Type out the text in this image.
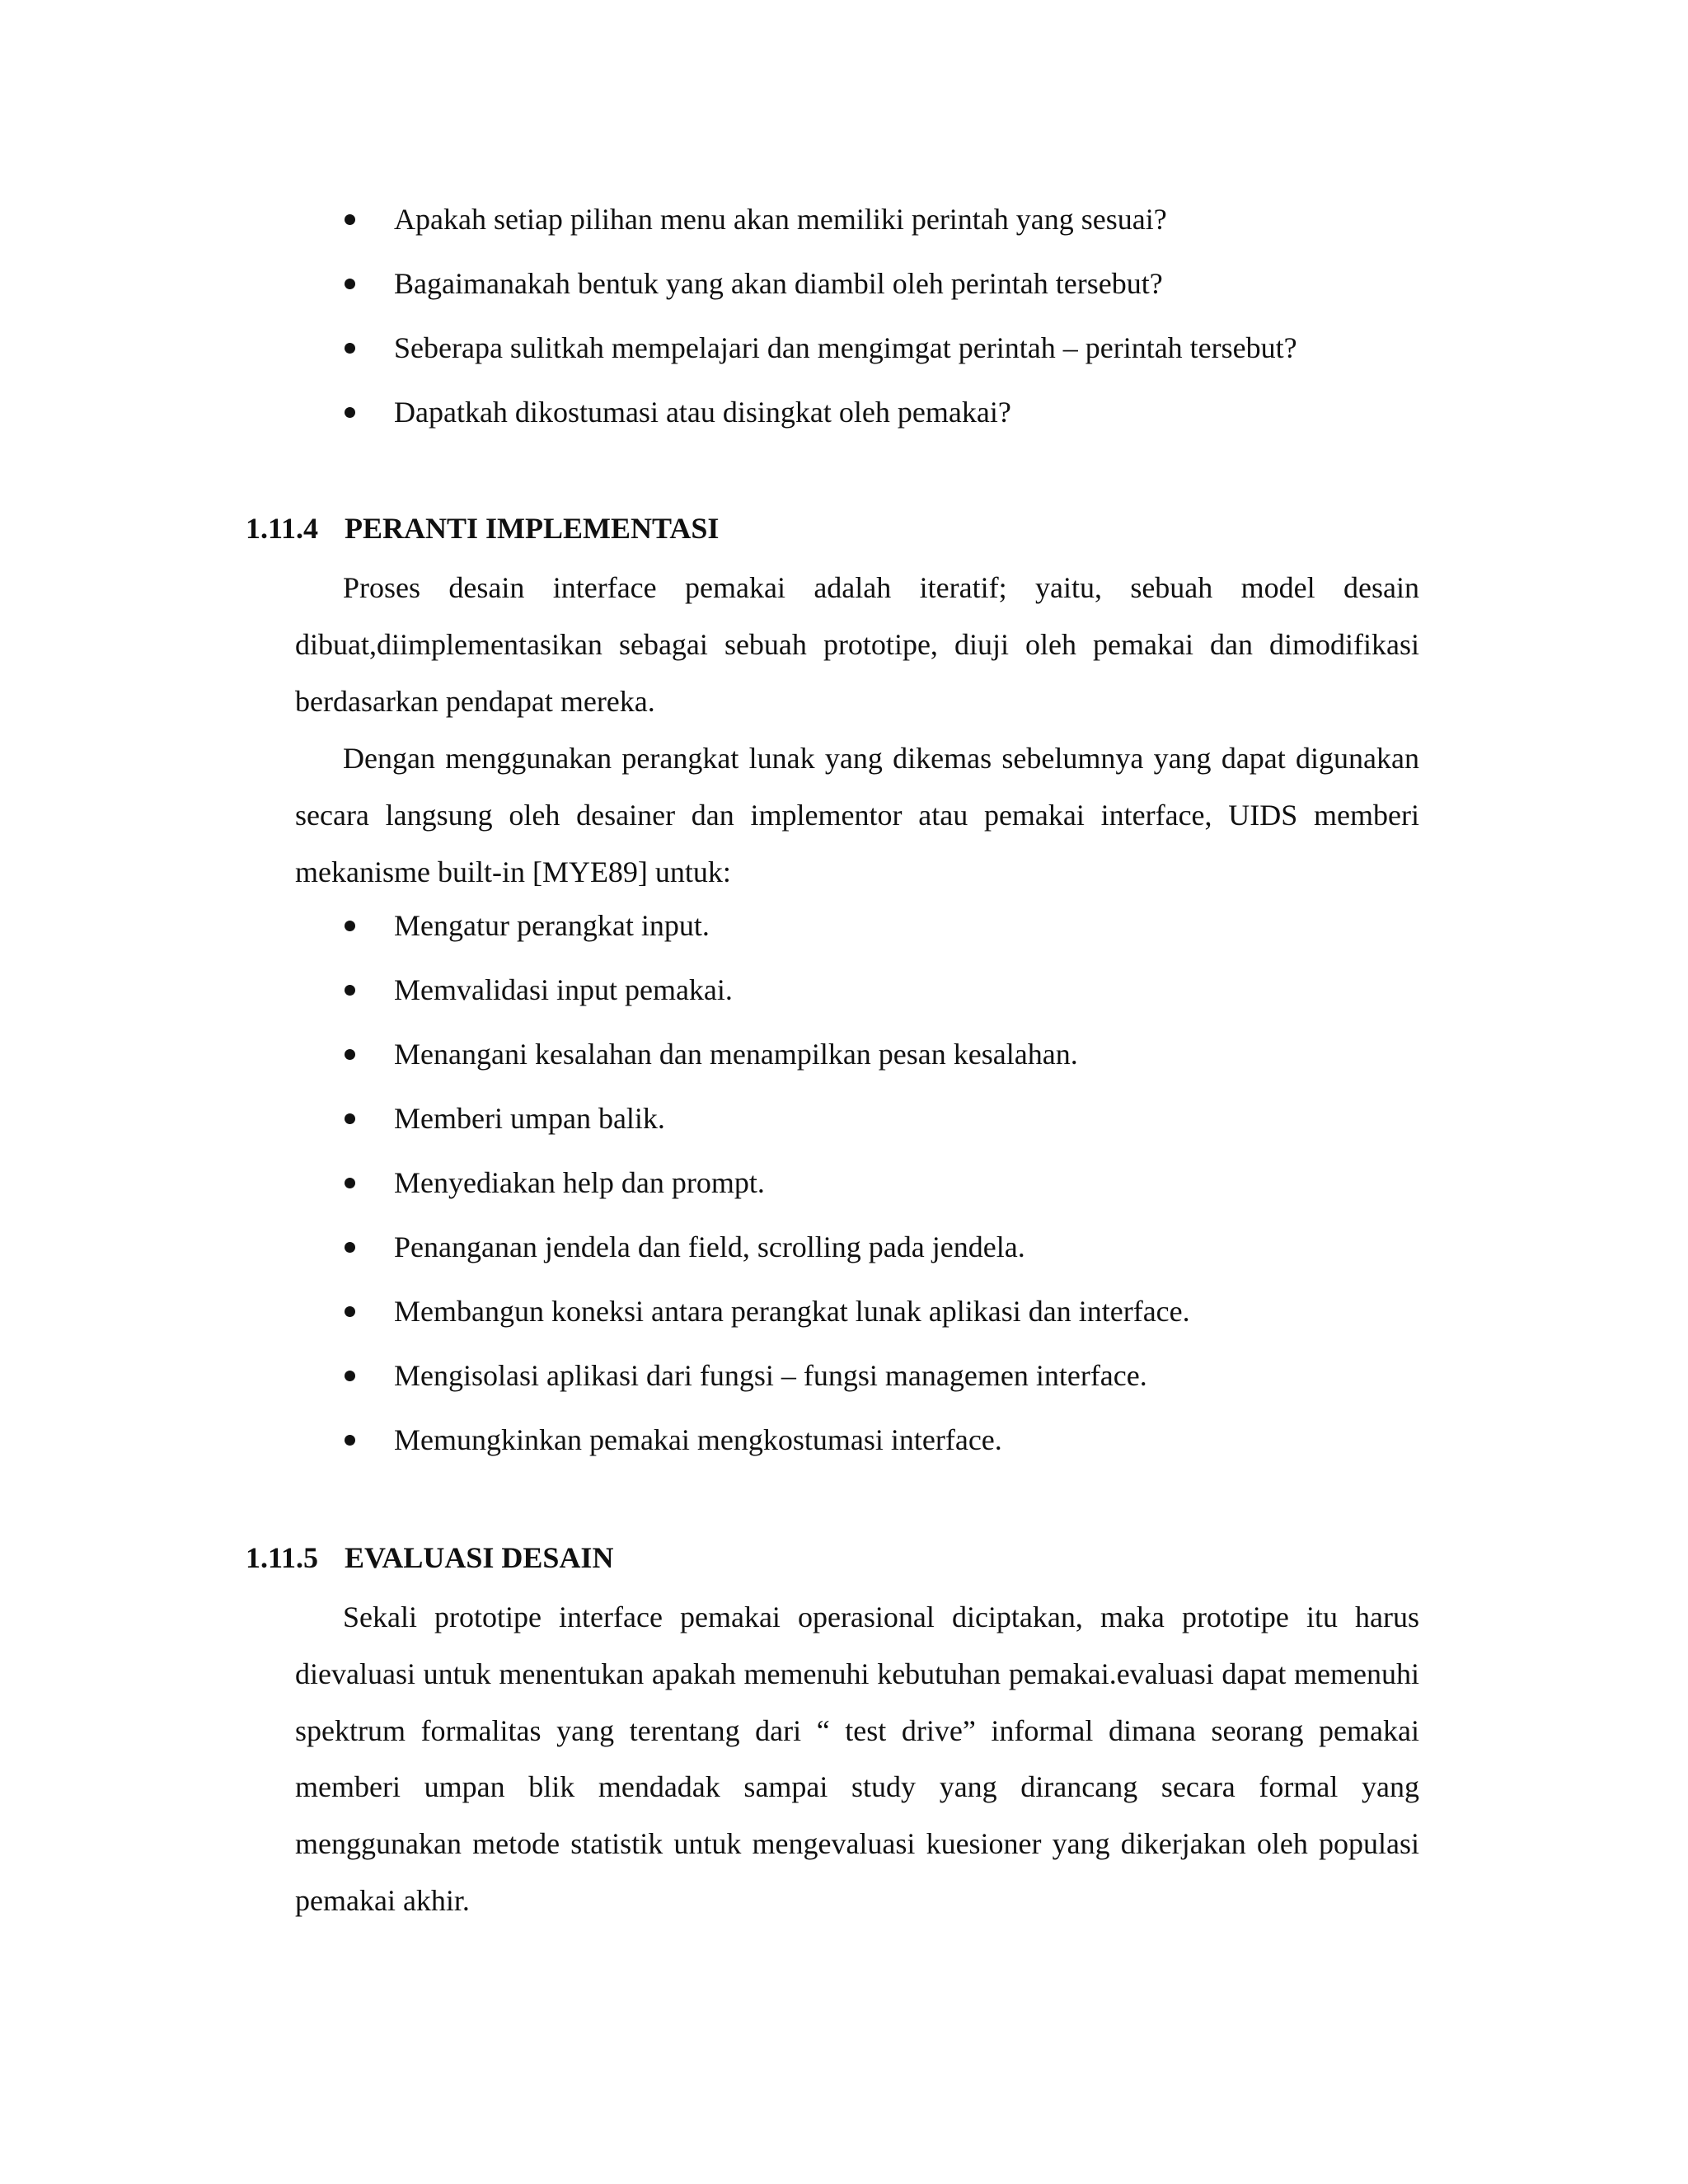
Apakah setiap pilihan menu akan memiliki perintah yang sesuai?
Bagaimanakah bentuk yang akan diambil oleh perintah tersebut?
Seberapa sulitkah mempelajari dan mengimgat perintah – perintah tersebut?
Dapatkah dikostumasi atau disingkat oleh pemakai?
1.11.4 PERANTI IMPLEMENTASI

Proses desain interface pemakai adalah iteratif; yaitu, sebuah model desain dibuat,diimplementasikan sebagai sebuah prototipe, diuji oleh pemakai dan dimodifikasi berdasarkan pendapat mereka.

Dengan menggunakan perangkat lunak yang dikemas sebelumnya yang dapat digunakan secara langsung oleh desainer dan implementor atau pemakai interface, UIDS memberi mekanisme built-in [MYE89] untuk:

Mengatur perangkat input.
Memvalidasi input pemakai.
Menangani kesalahan dan menampilkan pesan kesalahan.
Memberi umpan balik.
Menyediakan help dan prompt.
Penanganan jendela dan field, scrolling pada jendela.
Membangun koneksi antara perangkat lunak aplikasi dan interface.
Mengisolasi aplikasi dari fungsi – fungsi managemen interface.
Memungkinkan pemakai mengkostumasi interface.
1.11.5 EVALUASI DESAIN

Sekali prototipe interface pemakai operasional diciptakan, maka prototipe itu harus dievaluasi untuk menentukan apakah memenuhi kebutuhan pemakai.evaluasi dapat memenuhi spektrum formalitas yang terentang dari “ test drive” informal dimana seorang pemakai memberi umpan blik mendadak sampai study yang dirancang secara formal yang menggunakan metode statistik untuk mengevaluasi kuesioner yang dikerjakan oleh populasi pemakai akhir.
